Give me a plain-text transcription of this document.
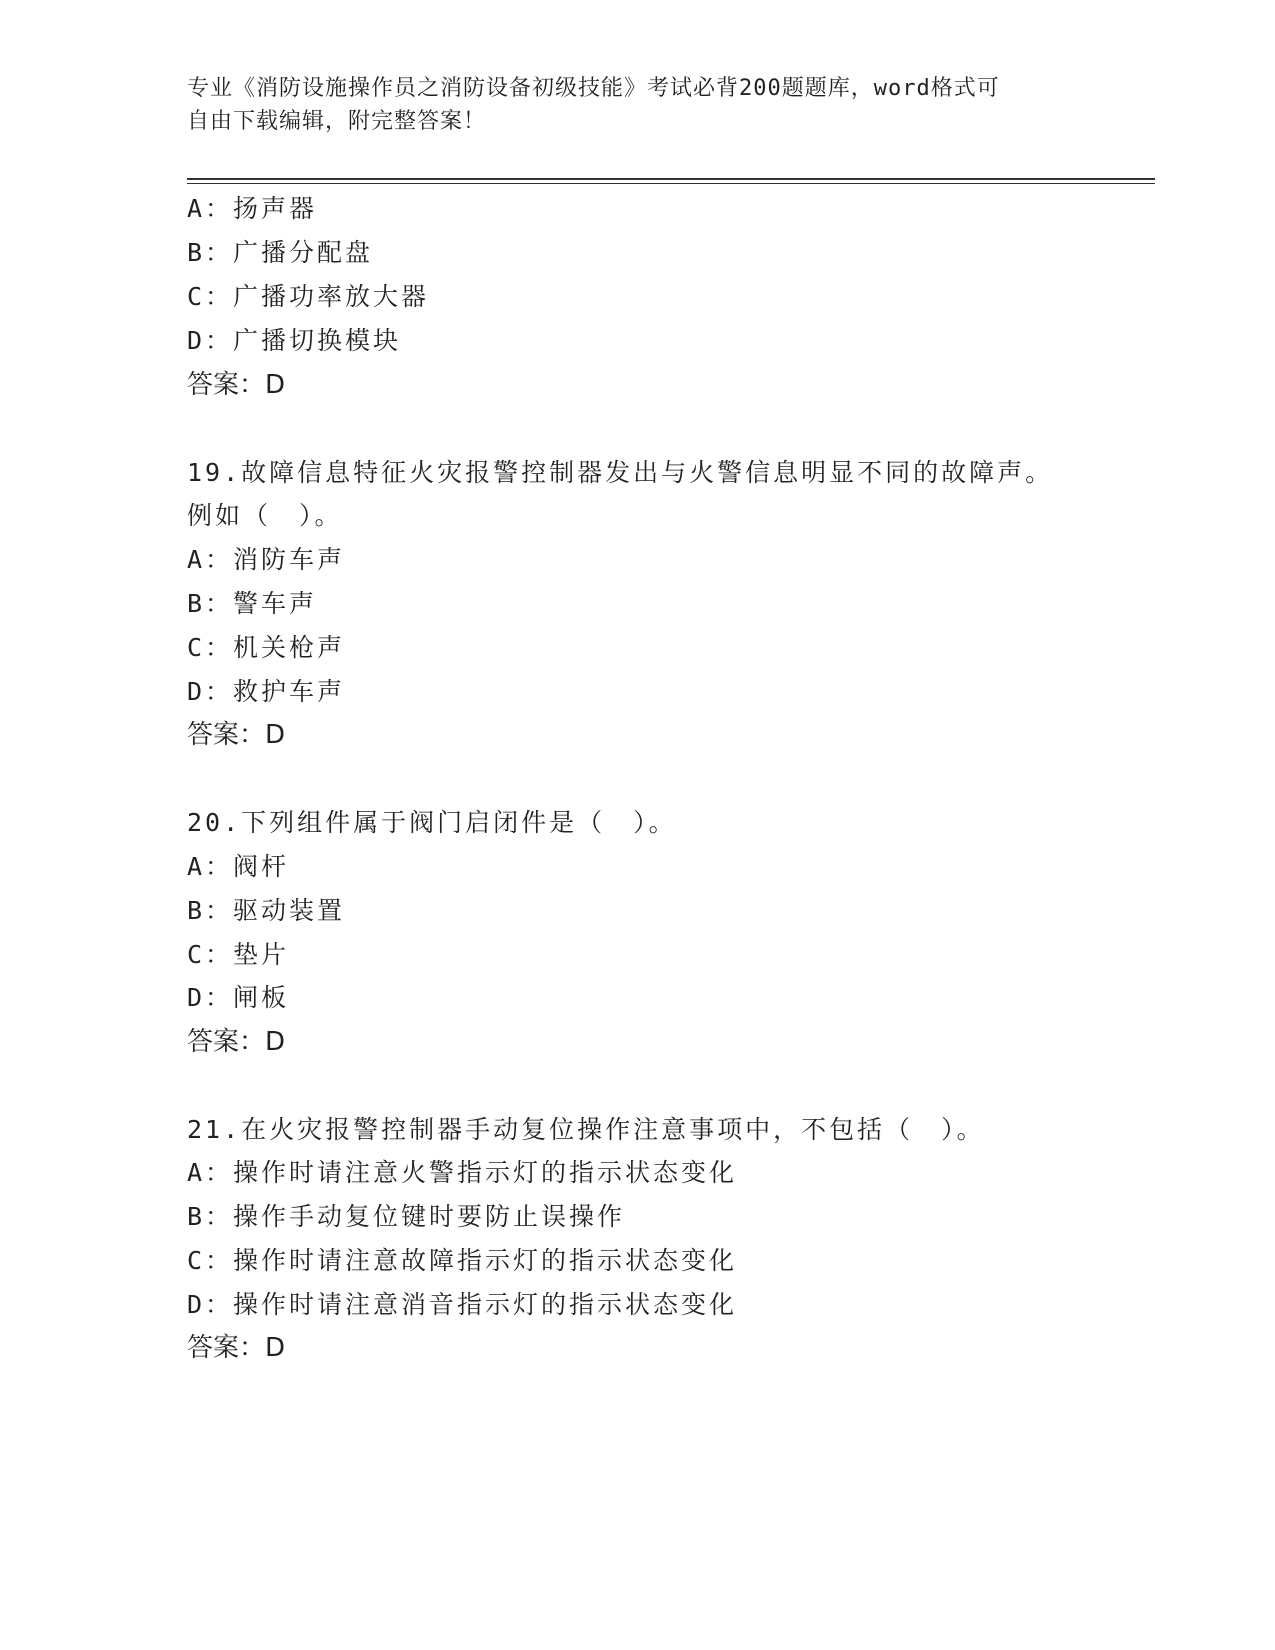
专业《消防设施操作员之消防设备初级技能》考试必背200题题库，word格式可
自由下载编辑，附完整答案！
A：扬声器
B：广播分配盘
C：广播功率放大器
D：广播切换模块
答案：D
19.故障信息特征火灾报警控制器发出与火警信息明显不同的故障声。
例如（　）。
A：消防车声
B：警车声
C：机关枪声
D：救护车声
答案：D
20.下列组件属于阀门启闭件是（　）。
A：阀杆
B：驱动装置
C：垫片
D：闸板
答案：D
21.在火灾报警控制器手动复位操作注意事项中，不包括（　）。
A：操作时请注意火警指示灯的指示状态变化
B：操作手动复位键时要防止误操作
C：操作时请注意故障指示灯的指示状态变化
D：操作时请注意消音指示灯的指示状态变化
答案：D
